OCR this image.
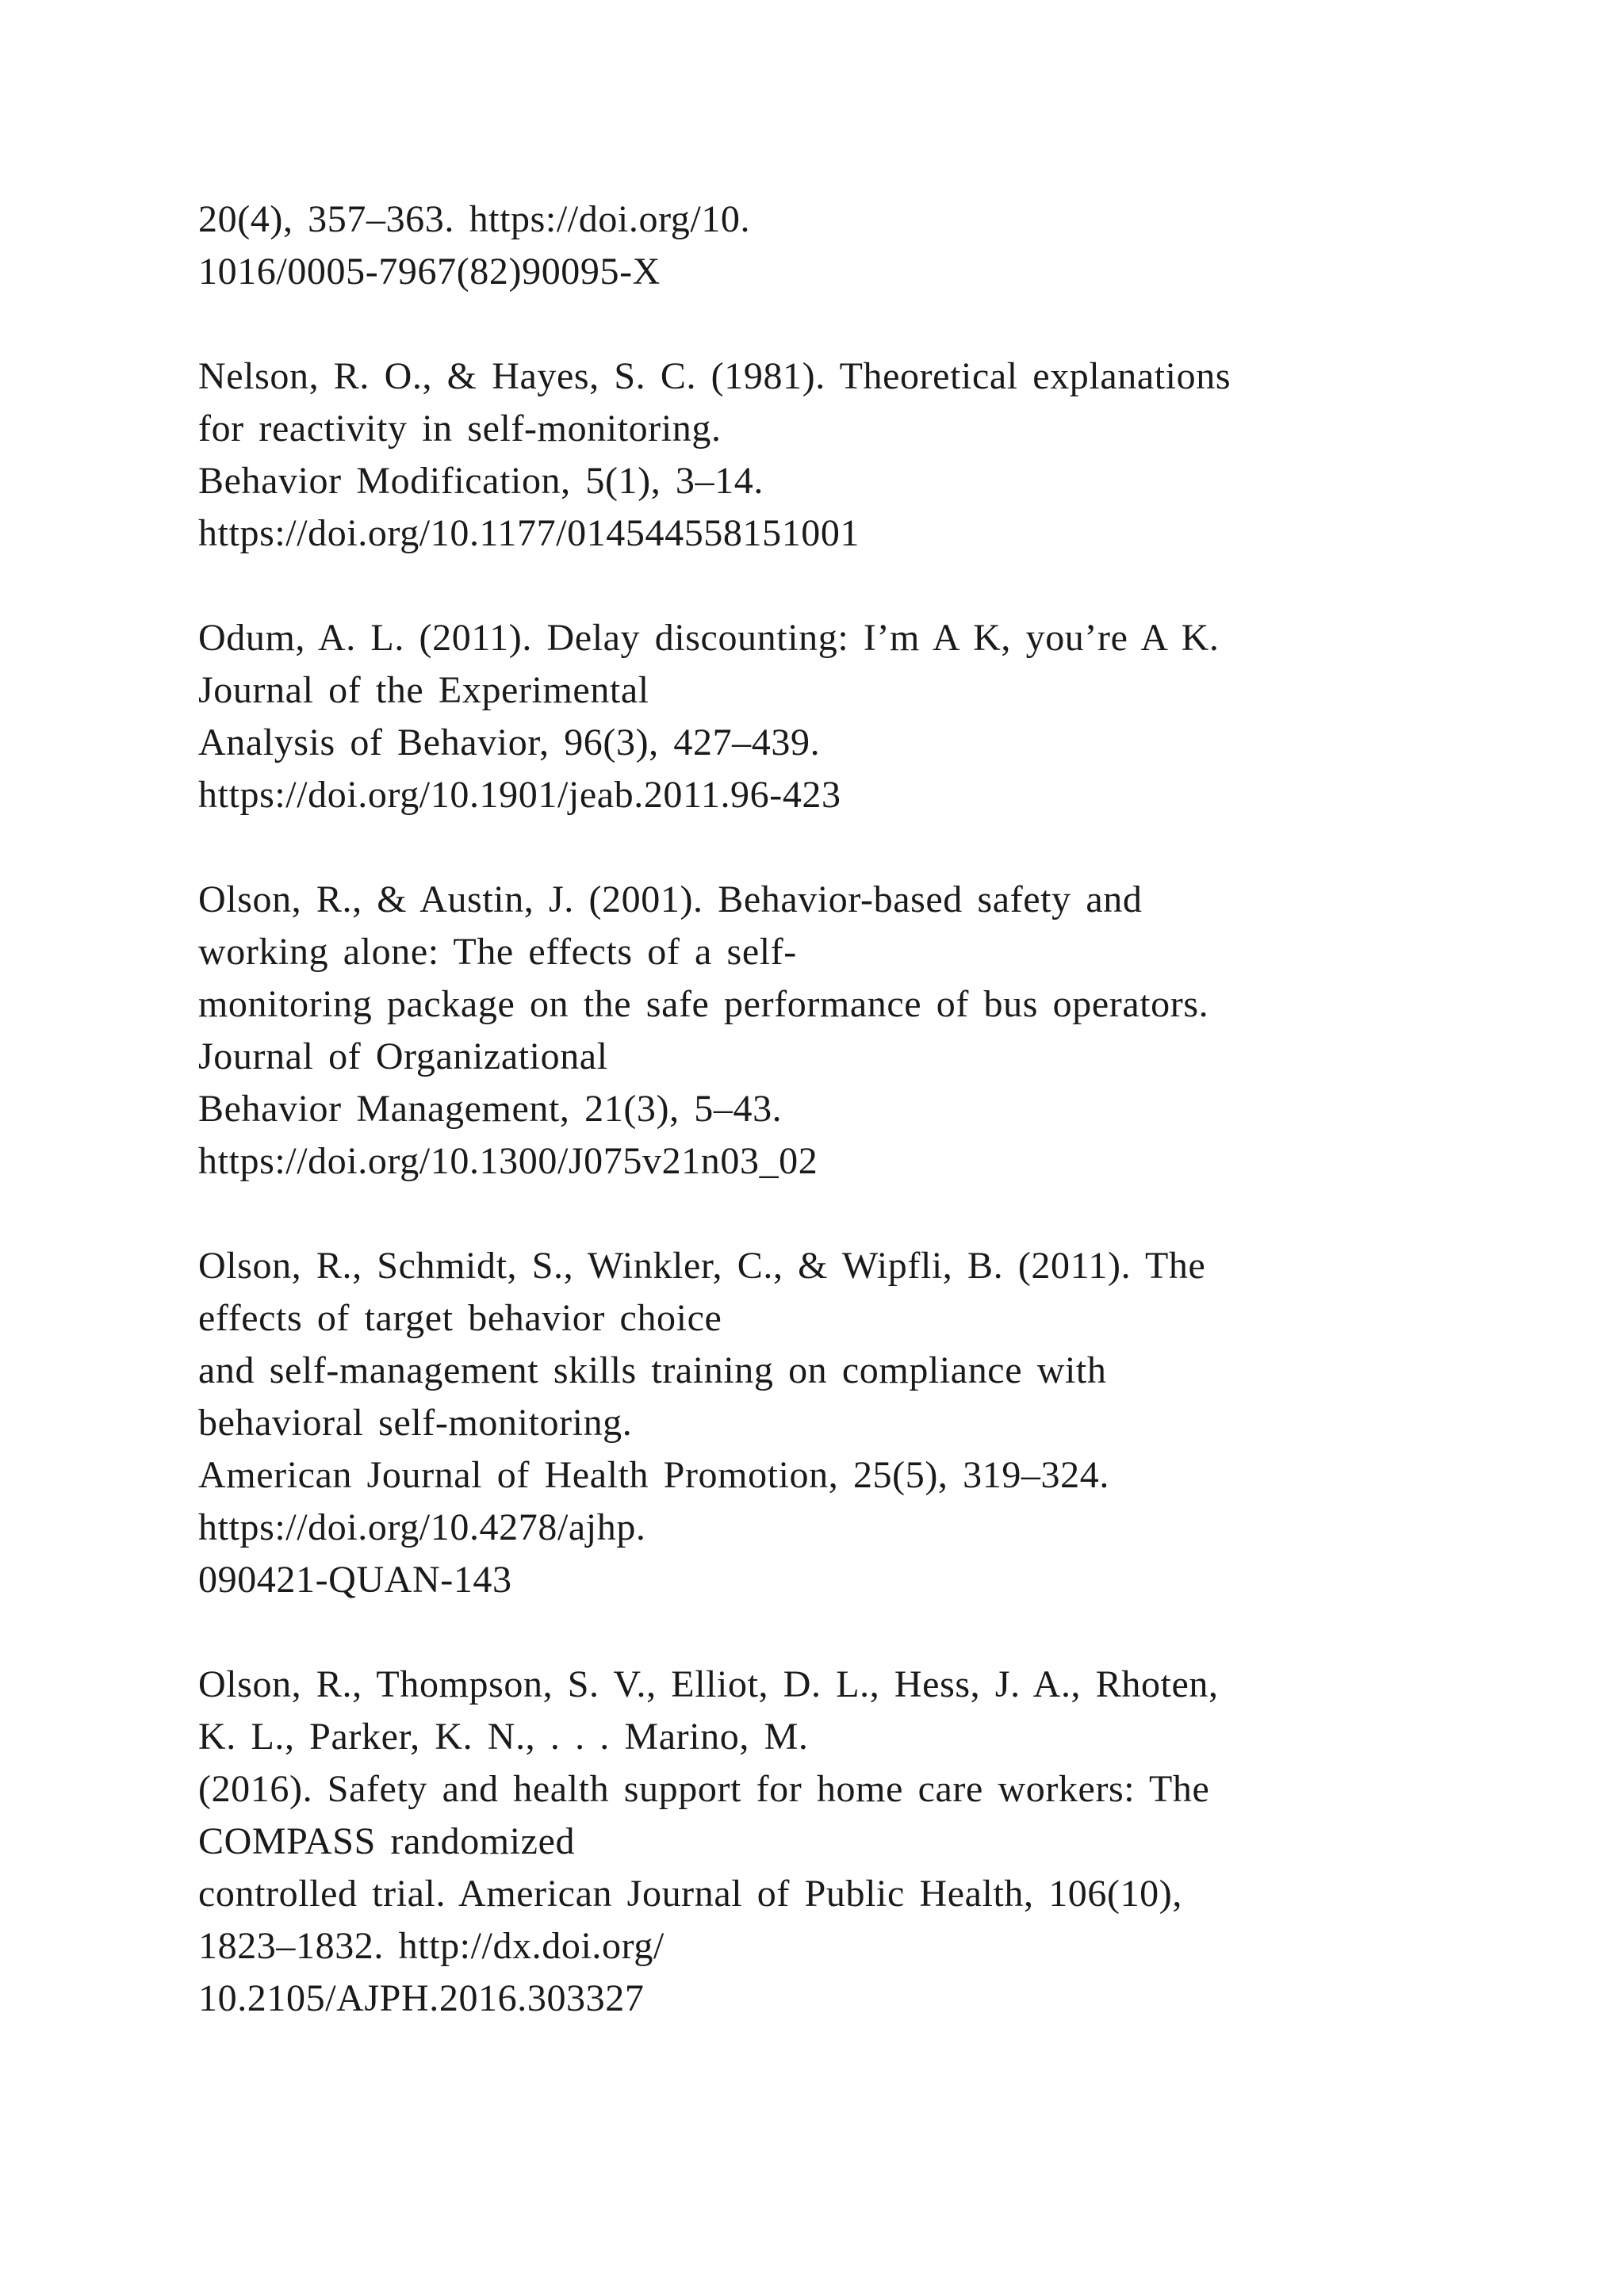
20(4), 357–363. https://doi.org/10.
1016/0005-7967(82)90095-X
Nelson, R. O., & Hayes, S. C. (1981). Theoretical explanations
for reactivity in self-monitoring.
Behavior Modification, 5(1), 3–14.
https://doi.org/10.1177/014544558151001
Odum, A. L. (2011). Delay discounting: I’m A K, you’re A K.
Journal of the Experimental
Analysis of Behavior, 96(3), 427–439.
https://doi.org/10.1901/jeab.2011.96-423
Olson, R., & Austin, J. (2001). Behavior-based safety and
working alone: The effects of a self-
monitoring package on the safe performance of bus operators.
Journal of Organizational
Behavior Management, 21(3), 5–43.
https://doi.org/10.1300/J075v21n03_02
Olson, R., Schmidt, S., Winkler, C., & Wipfli, B. (2011). The
effects of target behavior choice
and self-management skills training on compliance with
behavioral self-monitoring.
American Journal of Health Promotion, 25(5), 319–324.
https://doi.org/10.4278/ajhp.
090421-QUAN-143
Olson, R., Thompson, S. V., Elliot, D. L., Hess, J. A., Rhoten,
K. L., Parker, K. N., . . . Marino, M.
(2016). Safety and health support for home care workers: The
COMPASS randomized
controlled trial. American Journal of Public Health, 106(10),
1823–1832. http://dx.doi.org/
10.2105/AJPH.2016.303327
